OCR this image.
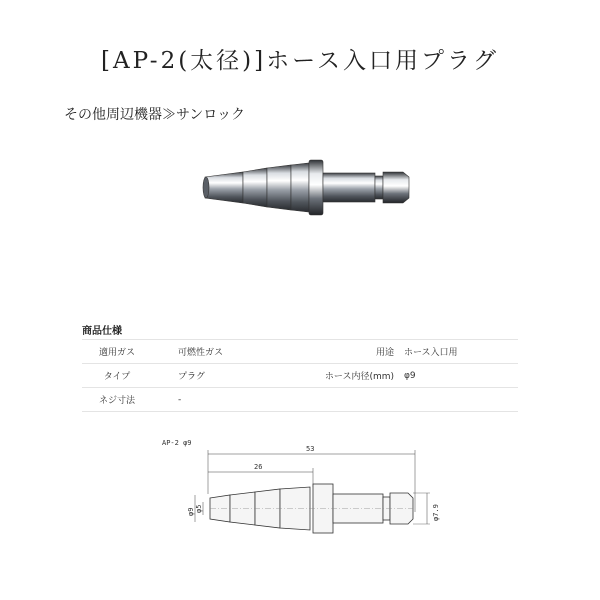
[AP-2(太径)]ホース入口用プラグ
その他周辺機器≫サンロック
商品仕様
適用ガス	可燃性ガス	用途	ホース入口用
タイプ	プラグ	ホース内径(mm)	φ9
ネジ寸法	-
AP-2 φ9
53
26
φ9 φ5	φ7.9
